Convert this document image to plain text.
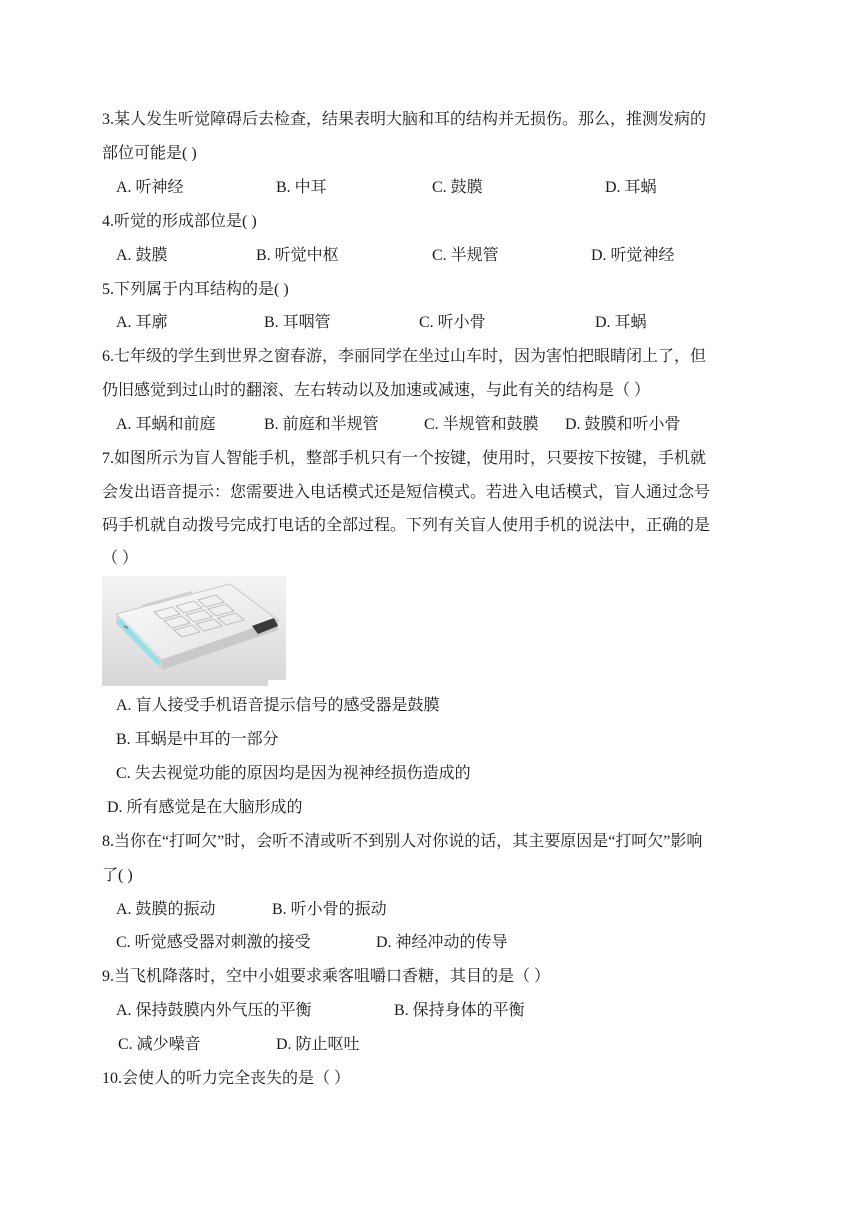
3.某人发生听觉障碍后去检查，结果表明大脑和耳的结构并无损伤。那么，推测发病的
部位可能是( )
A. 听神经	B. 中耳	C. 鼓膜	D. 耳蜗
4.听觉的形成部位是( )
A. 鼓膜	B. 听觉中枢	C. 半规管	D. 听觉神经
5.下列属于内耳结构的是( )
A. 耳廓	B. 耳咽管	C. 听小骨	D. 耳蜗
6.七年级的学生到世界之窗春游，李丽同学在坐过山车时，因为害怕把眼睛闭上了，但
仍旧感觉到过山时的翻滚、左右转动以及加速或减速，与此有关的结构是（ ）
A. 耳蜗和前庭	B. 前庭和半规管	C. 半规管和鼓膜 D. 鼓膜和听小骨
7.如图所示为盲人智能手机，整部手机只有一个按键，使用时，只要按下按键，手机就
会发出语音提示：您需要进入电话模式还是短信模式。若进入电话模式，盲人通过念号
码手机就自动拨号完成打电话的全部过程。下列有关盲人使用手机的说法中，正确的是
（ ）
A. 盲人接受手机语音提示信号的感受器是鼓膜
B. 耳蜗是中耳的一部分
C. 失去视觉功能的原因均是因为视神经损伤造成的
D. 所有感觉是在大脑形成的
8.当你在“打呵欠”时，会听不清或听不到别人对你说的话，其主要原因是“打呵欠”影响
了( )
A. 鼓膜的振动	B. 听小骨的振动
C. 听觉感受器对刺激的接受	D. 神经冲动的传导
9.当飞机降落时，空中小姐要求乘客咀嚼口香糖，其目的是（ ）
A. 保持鼓膜内外气压的平衡	B. 保持身体的平衡
C. 减少噪音	D. 防止呕吐
10.会使人的听力完全丧失的是（ ）
